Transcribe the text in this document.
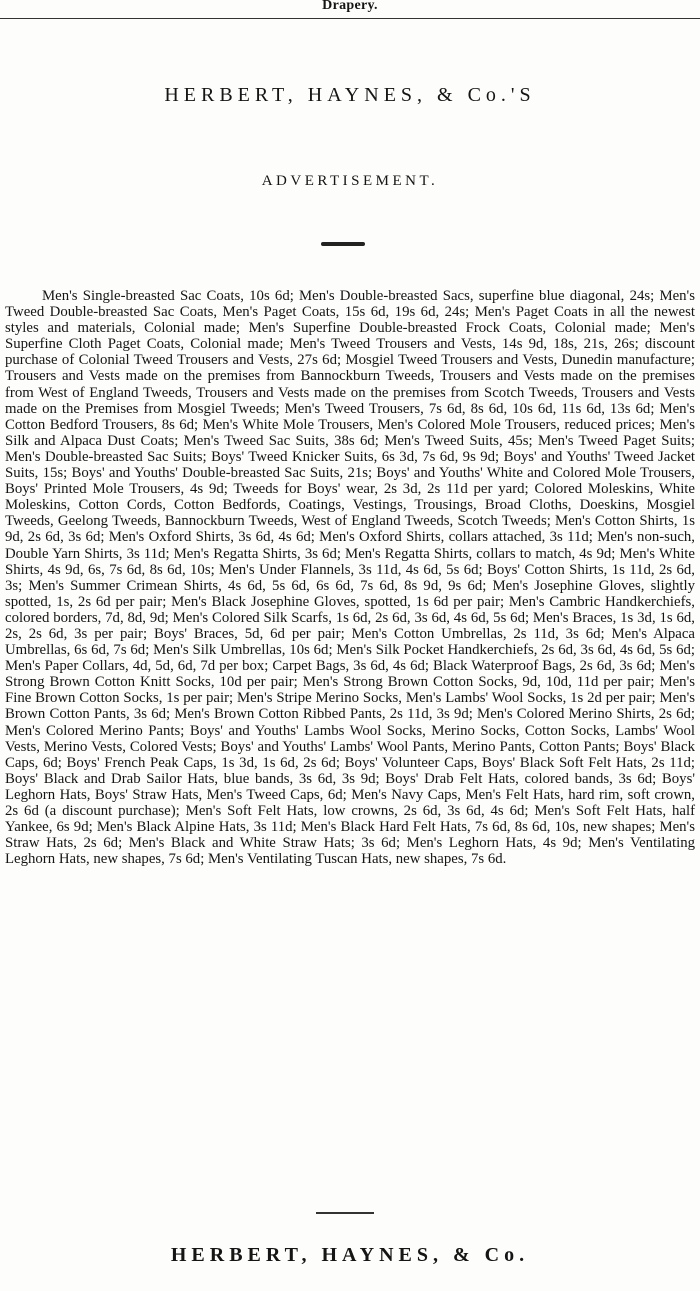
Drapery.
HERBERT, HAYNES, & Co.'S
ADVERTISEMENT.
Men's Single-breasted Sac Coats, 10s 6d; Men's Double-breasted Sacs, superfine blue diagonal, 24s; Men's Tweed Double-breasted Sac Coats, Men's Paget Coats, 15s 6d, 19s 6d, 24s; Men's Paget Coats in all the newest styles and materials, Colonial made; Men's Superfine Double-breasted Frock Coats, Colonial made; Men's Superfine Cloth Paget Coats, Colonial made; Men's Tweed Trousers and Vests, 14s 9d, 18s, 21s, 26s; discount purchase of Colonial Tweed Trousers and Vests, 27s 6d; Mosgiel Tweed Trousers and Vests, Dunedin manufacture; Trousers and Vests made on the premises from Bannockburn Tweeds, Trousers and Vests made on the premises from West of England Tweeds, Trousers and Vests made on the premises from Scotch Tweeds, Trousers and Vests made on the Premises from Mosgiel Tweeds; Men's Tweed Trousers, 7s 6d, 8s 6d, 10s 6d, 11s 6d, 13s 6d; Men's Cotton Bedford Trousers, 8s 6d; Men's White Mole Trousers, Men's Colored Mole Trousers, reduced prices; Men's Silk and Alpaca Dust Coats; Men's Tweed Sac Suits, 38s 6d; Men's Tweed Suits, 45s; Men's Tweed Paget Suits; Men's Double-breasted Sac Suits; Boys' Tweed Knicker Suits, 6s 3d, 7s 6d, 9s 9d; Boys' and Youths' Tweed Jacket Suits, 15s; Boys' and Youths' Double-breasted Sac Suits, 21s; Boys' and Youths' White and Colored Mole Trousers, Boys' Printed Mole Trousers, 4s 9d; Tweeds for Boys' wear, 2s 3d, 2s 11d per yard; Colored Moleskins, White Moleskins, Cotton Cords, Cotton Bedfords, Coatings, Vestings, Trousings, Broad Cloths, Doeskins, Mosgiel Tweeds, Geelong Tweeds, Bannockburn Tweeds, West of England Tweeds, Scotch Tweeds; Men's Cotton Shirts, 1s 9d, 2s 6d, 3s 6d; Men's Oxford Shirts, 3s 6d, 4s 6d; Men's Oxford Shirts, collars attached, 3s 11d; Men's non-such, Double Yarn Shirts, 3s 11d; Men's Regatta Shirts, 3s 6d; Men's Regatta Shirts, collars to match, 4s 9d; Men's White Shirts, 4s 9d, 6s, 7s 6d, 8s 6d, 10s; Men's Under Flannels, 3s 11d, 4s 6d, 5s 6d; Boys' Cotton Shirts, 1s 11d, 2s 6d, 3s; Men's Summer Crimean Shirts, 4s 6d, 5s 6d, 6s 6d, 7s 6d, 8s 9d, 9s 6d; Men's Josephine Gloves, slightly spotted, 1s, 2s 6d per pair; Men's Black Josephine Gloves, spotted, 1s 6d per pair; Men's Cambric Handkerchiefs, colored borders, 7d, 8d, 9d; Men's Colored Silk Scarfs, 1s 6d, 2s 6d, 3s 6d, 4s 6d, 5s 6d; Men's Braces, 1s 3d, 1s 6d, 2s, 2s 6d, 3s per pair; Boys' Braces, 5d, 6d per pair; Men's Cotton Umbrellas, 2s 11d, 3s 6d; Men's Alpaca Umbrellas, 6s 6d, 7s 6d; Men's Silk Umbrellas, 10s 6d; Men's Silk Pocket Handkerchiefs, 2s 6d, 3s 6d, 4s 6d, 5s 6d; Men's Paper Collars, 4d, 5d, 6d, 7d per box; Carpet Bags, 3s 6d, 4s 6d; Black Waterproof Bags, 2s 6d, 3s 6d; Men's Strong Brown Cotton Knitt Socks, 10d per pair; Men's Strong Brown Cotton Socks, 9d, 10d, 11d per pair; Men's Fine Brown Cotton Socks, 1s per pair; Men's Stripe Merino Socks, Men's Lambs' Wool Socks, 1s 2d per pair; Men's Brown Cotton Pants, 3s 6d; Men's Brown Cotton Ribbed Pants, 2s 11d, 3s 9d; Men's Colored Merino Shirts, 2s 6d; Men's Colored Merino Pants; Boys' and Youths' Lambs Wool Socks, Merino Socks, Cotton Socks, Lambs' Wool Vests, Merino Vests, Colored Vests; Boys' and Youths' Lambs' Wool Pants, Merino Pants, Cotton Pants; Boys' Black Caps, 6d; Boys' French Peak Caps, 1s 3d, 1s 6d, 2s 6d; Boys' Volunteer Caps, Boys' Black Soft Felt Hats, 2s 11d; Boys' Black and Drab Sailor Hats, blue bands, 3s 6d, 3s 9d; Boys' Drab Felt Hats, colored bands, 3s 6d; Boys' Leghorn Hats, Boys' Straw Hats, Men's Tweed Caps, 6d; Men's Navy Caps, Men's Felt Hats, hard rim, soft crown, 2s 6d (a discount purchase); Men's Soft Felt Hats, low crowns, 2s 6d, 3s 6d, 4s 6d; Men's Soft Felt Hats, half Yankee, 6s 9d; Men's Black Alpine Hats, 3s 11d; Men's Black Hard Felt Hats, 7s 6d, 8s 6d, 10s, new shapes; Men's Straw Hats, 2s 6d; Men's Black and White Straw Hats; 3s 6d; Men's Leghorn Hats, 4s 9d; Men's Ventilating Leghorn Hats, new shapes, 7s 6d; Men's Ventilating Tuscan Hats, new shapes, 7s 6d.
HERBERT, HAYNES, & Co.
